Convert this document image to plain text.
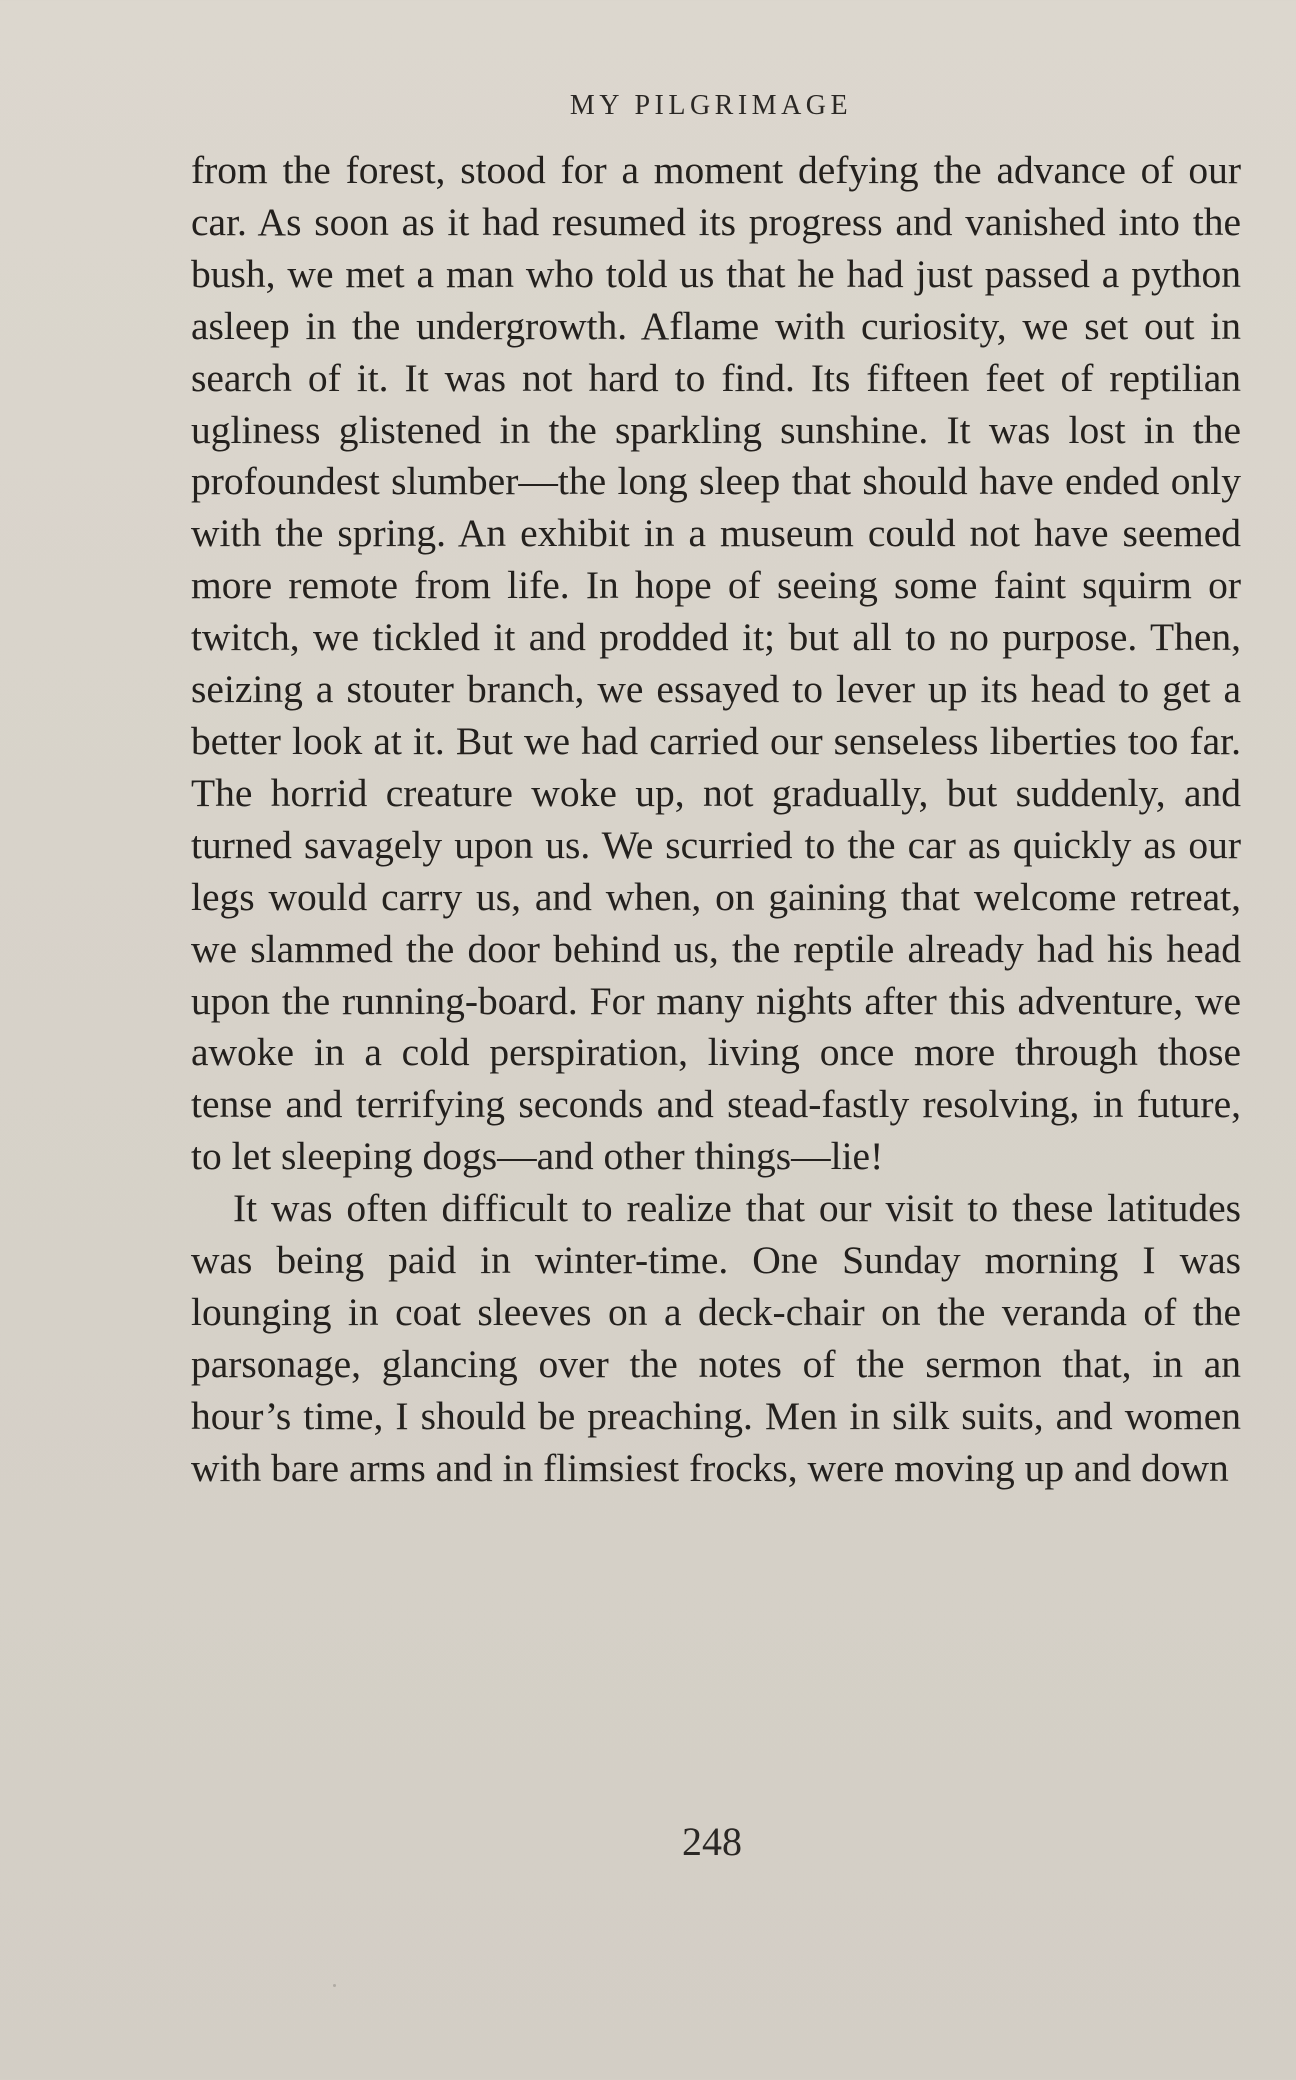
MY PILGRIMAGE

from the forest, stood for a moment defying the advance of our car. As soon as it had resumed its progress and vanished into the bush, we met a man who told us that he had just passed a python asleep in the undergrowth. Aflame with curiosity, we set out in search of it. It was not hard to find. Its fifteen feet of reptilian ugliness glistened in the sparkling sunshine. It was lost in the profoundest slumber—the long sleep that should have ended only with the spring. An exhibit in a museum could not have seemed more remote from life. In hope of seeing some faint squirm or twitch, we tickled it and prodded it; but all to no purpose. Then, seizing a stouter branch, we essayed to lever up its head to get a better look at it. But we had carried our senseless liberties too far. The horrid creature woke up, not gradually, but suddenly, and turned savagely upon us. We scurried to the car as quickly as our legs would carry us, and when, on gaining that welcome retreat, we slammed the door behind us, the reptile already had his head upon the running-board. For many nights after this adventure, we awoke in a cold perspiration, living once more through those tense and terrifying seconds and stead-fastly resolving, in future, to let sleeping dogs—and other things—lie!

It was often difficult to realize that our visit to these latitudes was being paid in winter-time. One Sunday morning I was lounging in coat sleeves on a deck-chair on the veranda of the parsonage, glancing over the notes of the sermon that, in an hour’s time, I should be preaching. Men in silk suits, and women with bare arms and in flimsiest frocks, were moving up and down

248
